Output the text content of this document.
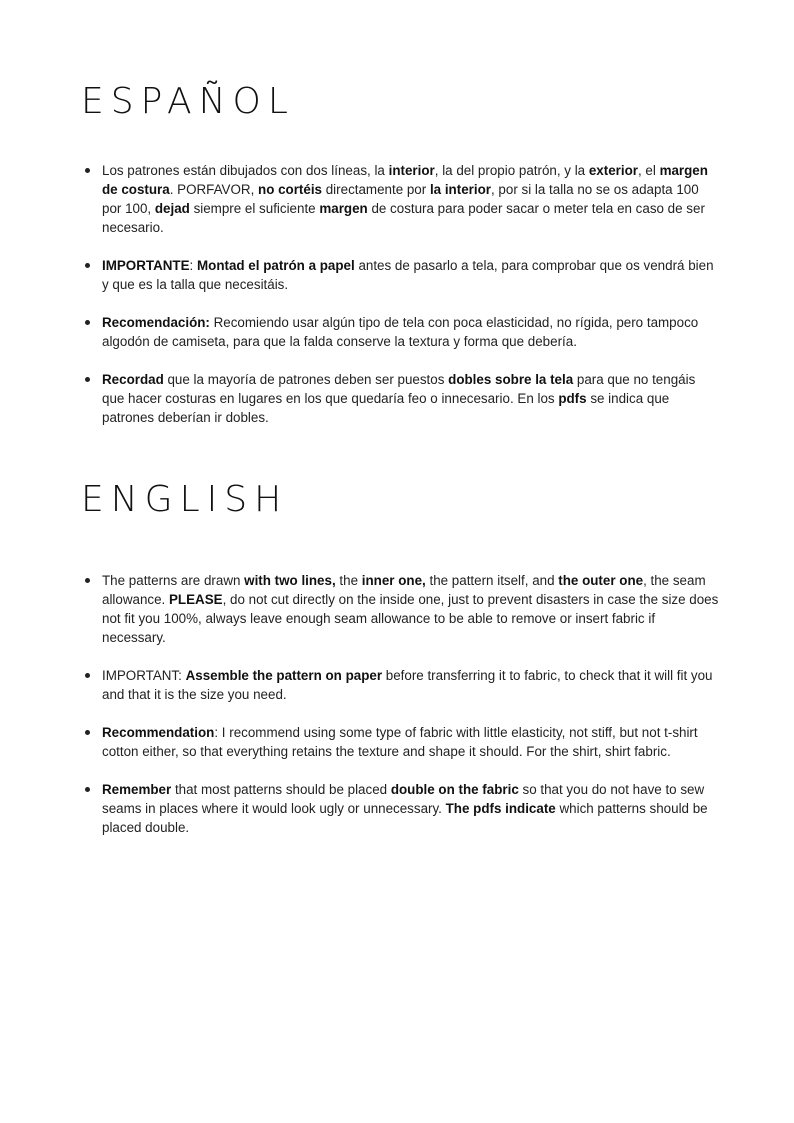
ESPAÑOL
Los patrones están dibujados con dos líneas, la interior, la del propio patrón, y la exterior, el margen de costura. PORFAVOR, no cortéis directamente por la interior, por si la talla no se os adapta 100 por 100, dejad siempre el suficiente margen de costura para poder sacar o meter tela en caso de ser necesario.
IMPORTANTE: Montad el patrón a papel antes de pasarlo a tela, para comprobar que os vendrá bien y que es la talla que necesitáis.
Recomendación: Recomiendo usar algún tipo de tela con poca elasticidad, no rígida, pero tampoco algodón de camiseta, para que la falda conserve la textura y forma que debería.
Recordad que la mayoría de patrones deben ser puestos dobles sobre la tela para que no tengáis que hacer costuras en lugares en los que quedaría feo o innecesario. En los pdfs se indica que patrones deberían ir dobles.
ENGLISH
The patterns are drawn with two lines, the inner one, the pattern itself, and the outer one, the seam allowance. PLEASE, do not cut directly on the inside one, just to prevent disasters in case the size does not fit you 100%, always leave enough seam allowance to be able to remove or insert fabric if necessary.
IMPORTANT: Assemble the pattern on paper before transferring it to fabric, to check that it will fit you and that it is the size you need.
Recommendation: I recommend using some type of fabric with little elasticity, not stiff, but not t-shirt cotton either, so that everything retains the texture and shape it should. For the shirt, shirt fabric.
Remember that most patterns should be placed double on the fabric so that you do not have to sew seams in places where it would look ugly or unnecessary. The pdfs indicate which patterns should be placed double.
